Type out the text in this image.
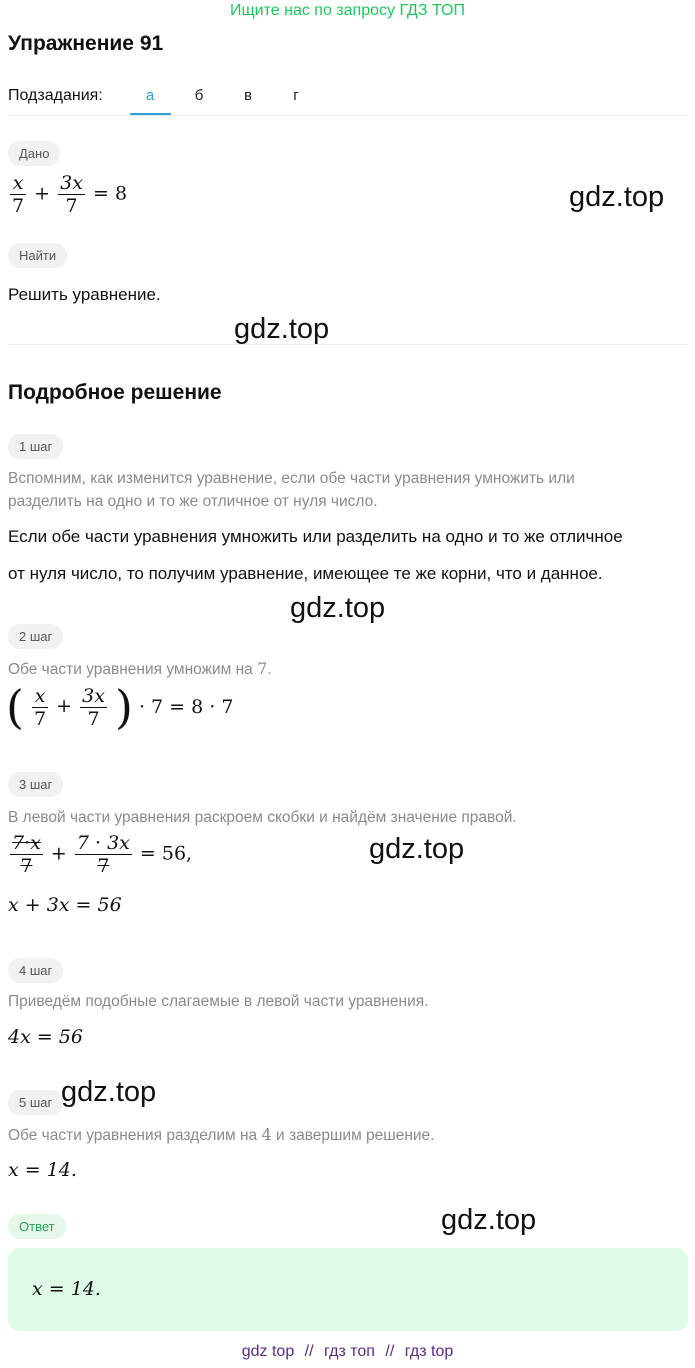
Ищите нас по запросу ГДЗ ТОП
Упражнение 91
Подзадания:	а	б	в	г
Дано
$\frac{x}{7} + \frac{3x}{7} = 8$
Найти
Решить уравнение.
Подробное решение
1 шаг
Вспомним, как изменится уравнение, если обе части уравнения умножить или разделить на одно и то же отличное от нуля число.
Если обе части уравнения умножить или разделить на одно и то же отличное
от нуля число, то получим уравнение, имеющее те же корни, что и данное.
2 шаг
Обе части уравнения умножим на 7.
( $\frac{x}{7} + \frac{3x}{7}$ ) · 7 = 8 · 7
3 шаг
В левой части уравнения раскроем скобки и найдём значение правой.
$\frac{7\cdot x}{7} + \frac{7 \cdot 3x}{7} = 56$,
x + 3x = 56
4 шаг
Приведём подобные слагаемые в левой части уравнения.
4x = 56
5 шаг
Обе части уравнения разделим на 4 и завершим решение.
x = 14.
Ответ
x = 14.
gdz.top
gdz.top
gdz.top
gdz.top
gdz.top
gdz.top
gdz top // гдз топ // гдз top
